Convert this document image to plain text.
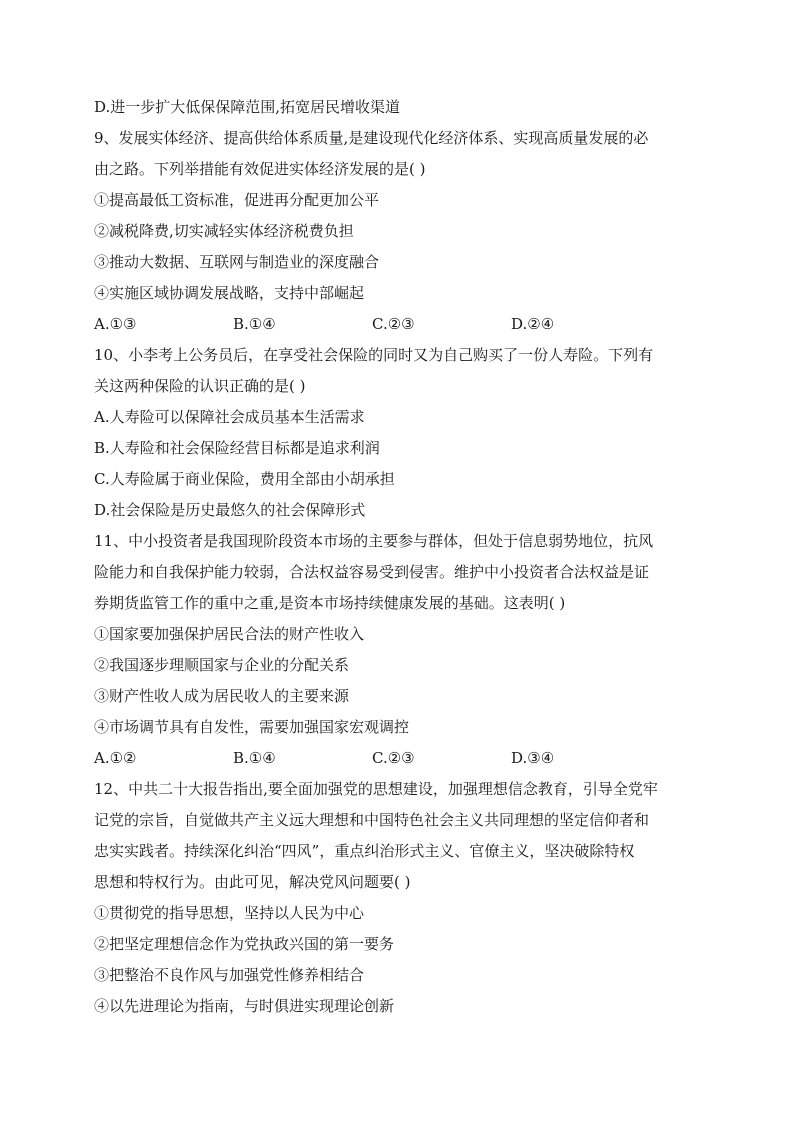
D.进一步扩大低保保障范围,拓宽居民增收渠道
9、发展实体经济、提高供给体系质量,是建设现代化经济体系、实现高质量发展的必
由之路。下列举措能有效促进实体经济发展的是( )
①提高最低工资标准，促进再分配更加公平
②减税降费,切实减轻实体经济税费负担
③推动大数据、互联网与制造业的深度融合
④实施区域协调发展战略，支持中部崛起
A.①③	B.①④	C.②③	D.②④
10、小李考上公务员后，在享受社会保险的同时又为自己购买了一份人寿险。下列有
关这两种保险的认识正确的是( )
A.人寿险可以保障社会成员基本生活需求
B.人寿险和社会保险经营目标都是追求利润
C.人寿险属于商业保险，费用全部由小胡承担
D.社会保险是历史最悠久的社会保障形式
11、中小投资者是我国现阶段资本市场的主要参与群体，但处于信息弱势地位，抗风
险能力和自我保护能力较弱，合法权益容易受到侵害。维护中小投资者合法权益是证
券期货监管工作的重中之重,是资本市场持续健康发展的基础。这表明( )
①国家要加强保护居民合法的财产性收入
②我国逐步理顺国家与企业的分配关系
③财产性收人成为居民收人的主要来源
④市场调节具有自发性，需要加强国家宏观调控
A.①②	B.①④	C.②③	D.③④
12、中共二十大报告指出,要全面加强党的思想建设，加强理想信念教育，引导全党牢
记党的宗旨，自觉做共产主义远大理想和中国特色社会主义共同理想的坚定信仰者和
忠实实践者。持续深化纠治“四风”，重点纠治形式主义、官僚主义，坚决破除特权
思想和特权行为。由此可见，解决党风问题要( )
①贯彻党的指导思想，坚持以人民为中心
②把坚定理想信念作为党执政兴国的第一要务
③把整治不良作风与加强党性修养相结合
④以先进理论为指南，与时俱进实现理论创新
